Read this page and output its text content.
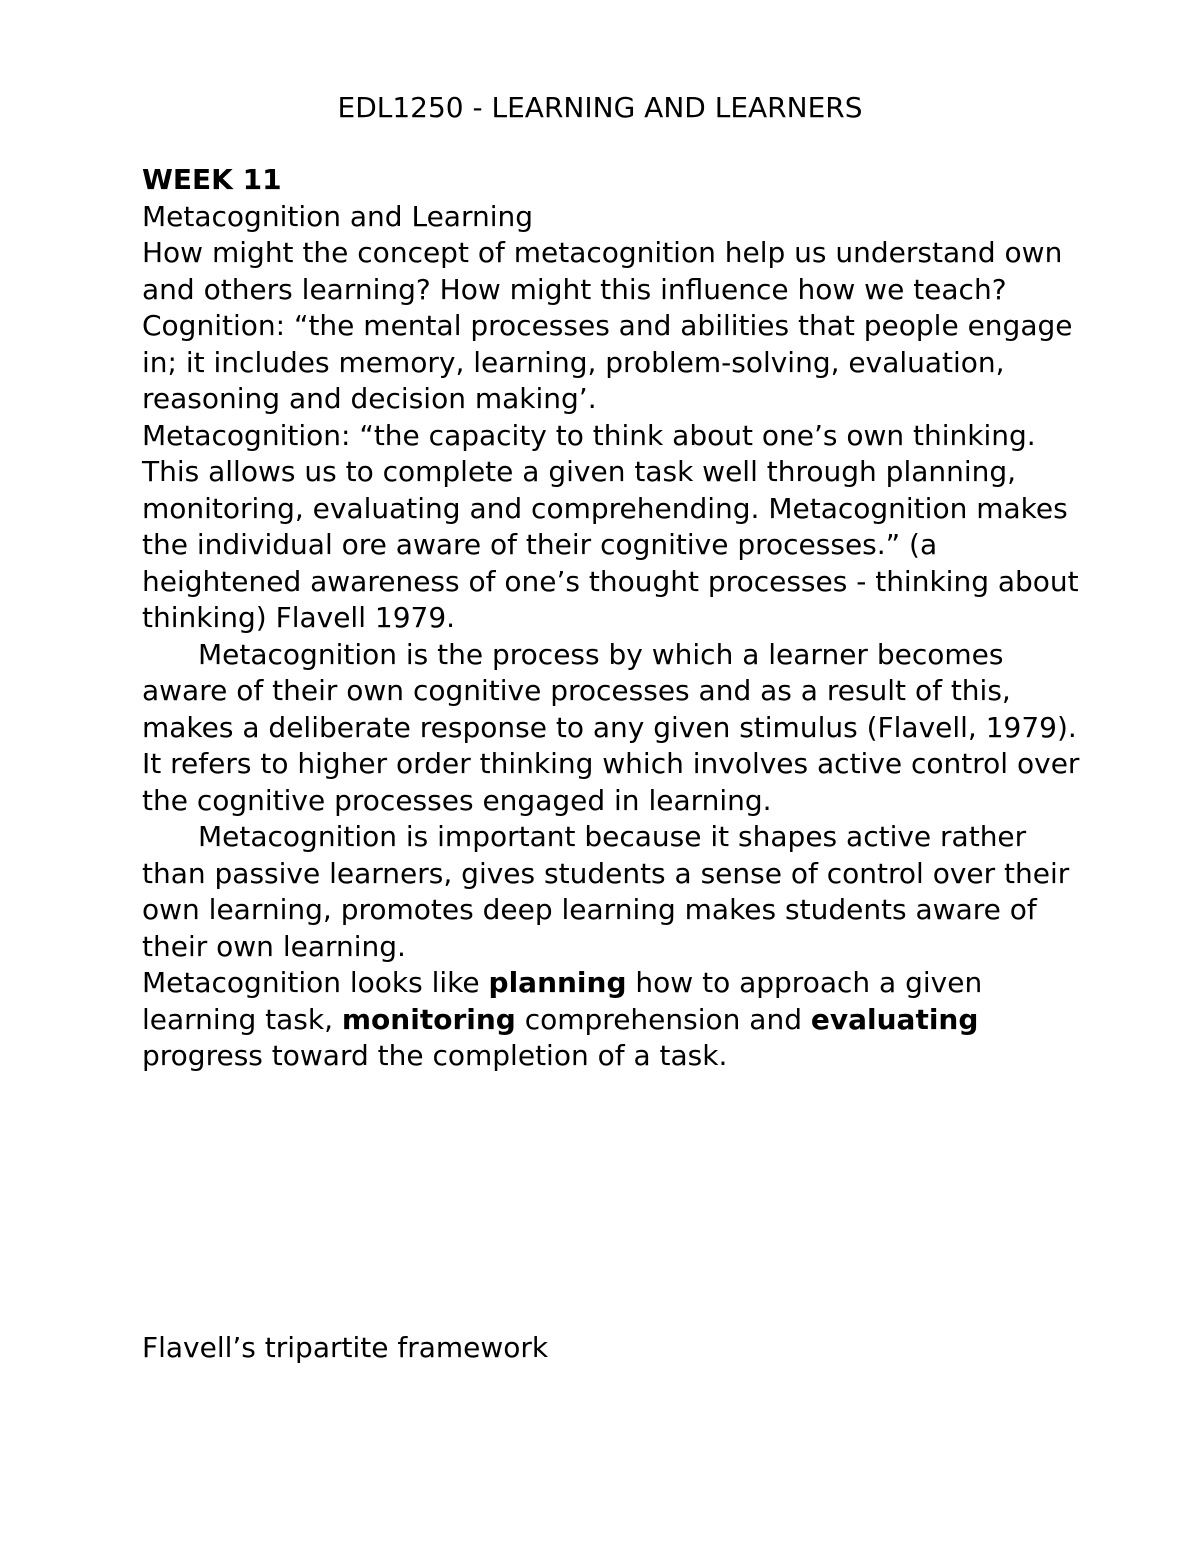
EDL1250 - LEARNING AND LEARNERS

WEEK 11

Metacognition and Learning

How might the concept of metacognition help us understand own and others learning? How might this influence how we teach?

Cognition: “the mental processes and abilities that people engage in; it includes memory, learning, problem-solving, evaluation, reasoning and decision making’.

Metacognition: “the capacity to think about one’s own thinking. This allows us to complete a given task well through planning, monitoring, evaluating and comprehending. Metacognition makes the individual ore aware of their cognitive processes.” (a heightened awareness of one’s thought processes - thinking about thinking) Flavell 1979.

Metacognition is the process by which a learner becomes aware of their own cognitive processes and as a result of this, makes a deliberate response to any given stimulus (Flavell, 1979). It refers to higher order thinking which involves active control over the cognitive processes engaged in learning.

Metacognition is important because it shapes active rather than passive learners, gives students a sense of control over their own learning, promotes deep learning makes students aware of their own learning.

Metacognition looks like planning how to approach a given learning task, monitoring comprehension and evaluating progress toward the completion of a task.

Flavell’s tripartite framework
